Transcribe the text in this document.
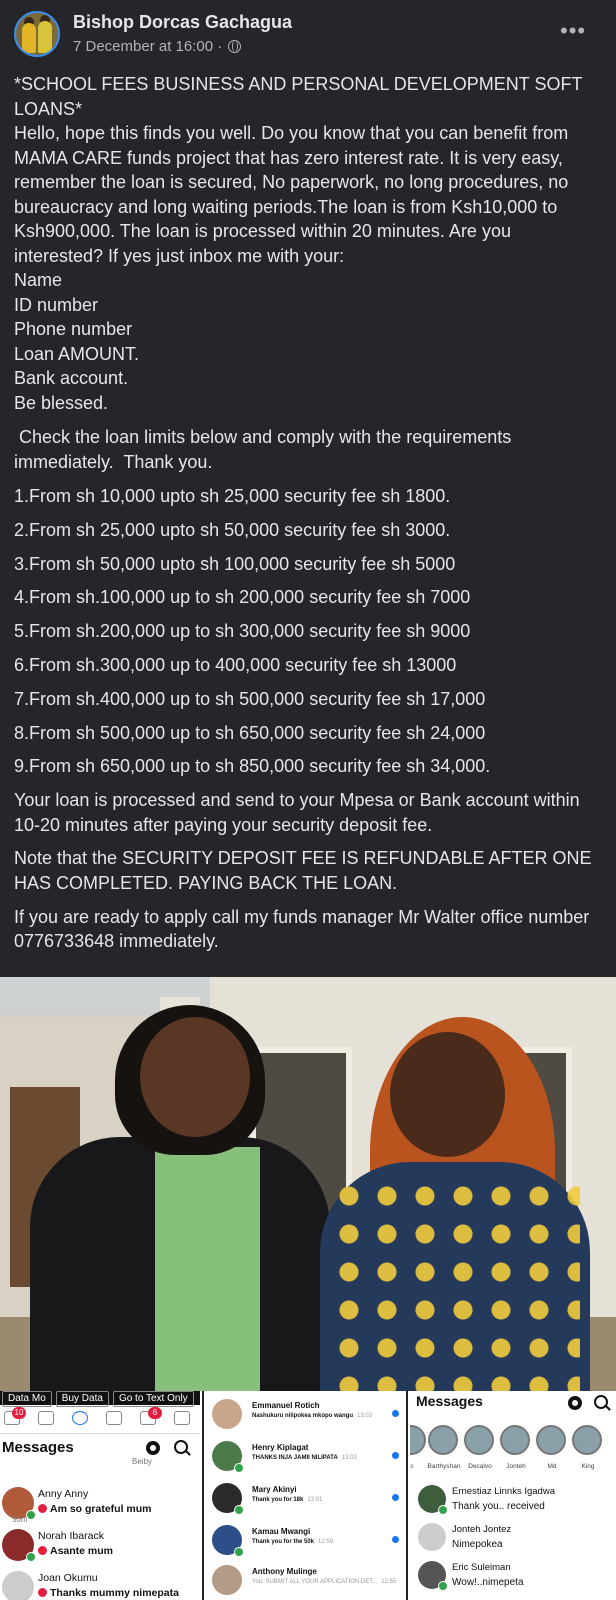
Bishop Dorcas Gachagua
7 December at 16:00 ·
•••

*SCHOOL FEES BUSINESS AND PERSONAL DEVELOPMENT SOFT LOANS*

Hello, hope this finds you well. Do you know that you can benefit from MAMA CARE funds project that has zero interest rate. It is very easy, remember the loan is secured, No paperwork, no long procedures, no bureaucracy and long waiting periods.The loan is from Ksh10,000 to Ksh900,000. The loan is processed within 20 minutes. Are you interested? If yes just inbox me with your:

Name

ID number

Phone number

Loan AMOUNT.

Bank account.

Be blessed.

Check the loan limits below and comply with the requirements immediately.  Thank you.

1.From sh 10,000 upto sh 25,000 security fee sh 1800.

2.From sh 25,000 upto sh 50,000 security fee sh 3000.

3.From sh 50,000 upto sh 100,000 security fee sh 5000

4.From sh.100,000 up to sh 200,000 security fee sh 7000

5.From sh.200,000 up to sh 300,000 security fee sh 9000

6.From sh.300,000 up to 400,000 security fee sh 13000

7.From sh.400,000 up to sh 500,000 security fee sh 17,000

8.From sh 500,000 up to sh 650,000 security fee sh 24,000

9.From sh 650,000 up to sh 850,000 security fee sh 34,000.

Your loan is processed and send to your Mpesa or Bank account within 10-20 minutes after paying your security deposit fee.

Note that the SECURITY DEPOSIT FEE IS REFUNDABLE AFTER ONE HAS COMPLETED. PAYING BACK THE LOAN.

If you are ready to apply call my funds manager Mr Walter office number 0776733648 immediately.

Data Mo Buy Data Go to Text Only
10	6
Messages
Beiby
50m
Anny Anny
Am so grateful mum
Norah Ibarack
Asante mum
Joan Okumu
Thanks mummy nimepata
Emmanuel Rotich
Nashukuru nilipokea mkopo wangu 13:03
Henry Kiplagat
THANKS INJA JAMII NILIPATA 13:02
Mary Akinyi
Thank you for 18k 13:01
Kamau Mwangi
Thank you for the 50k 12:59
Anthony Mulinge
You: SUBMIT ALL YOUR APPLICATION DET... 12:55
Messages
c	Barthyshan	Decalvo	Jonteh	Md	King
Ernestiaz Linnks Igadwa
Thank you.. received
Jonteh Jontez
Nimepokea
Eric Suleiman
Wow!..nimepeta
